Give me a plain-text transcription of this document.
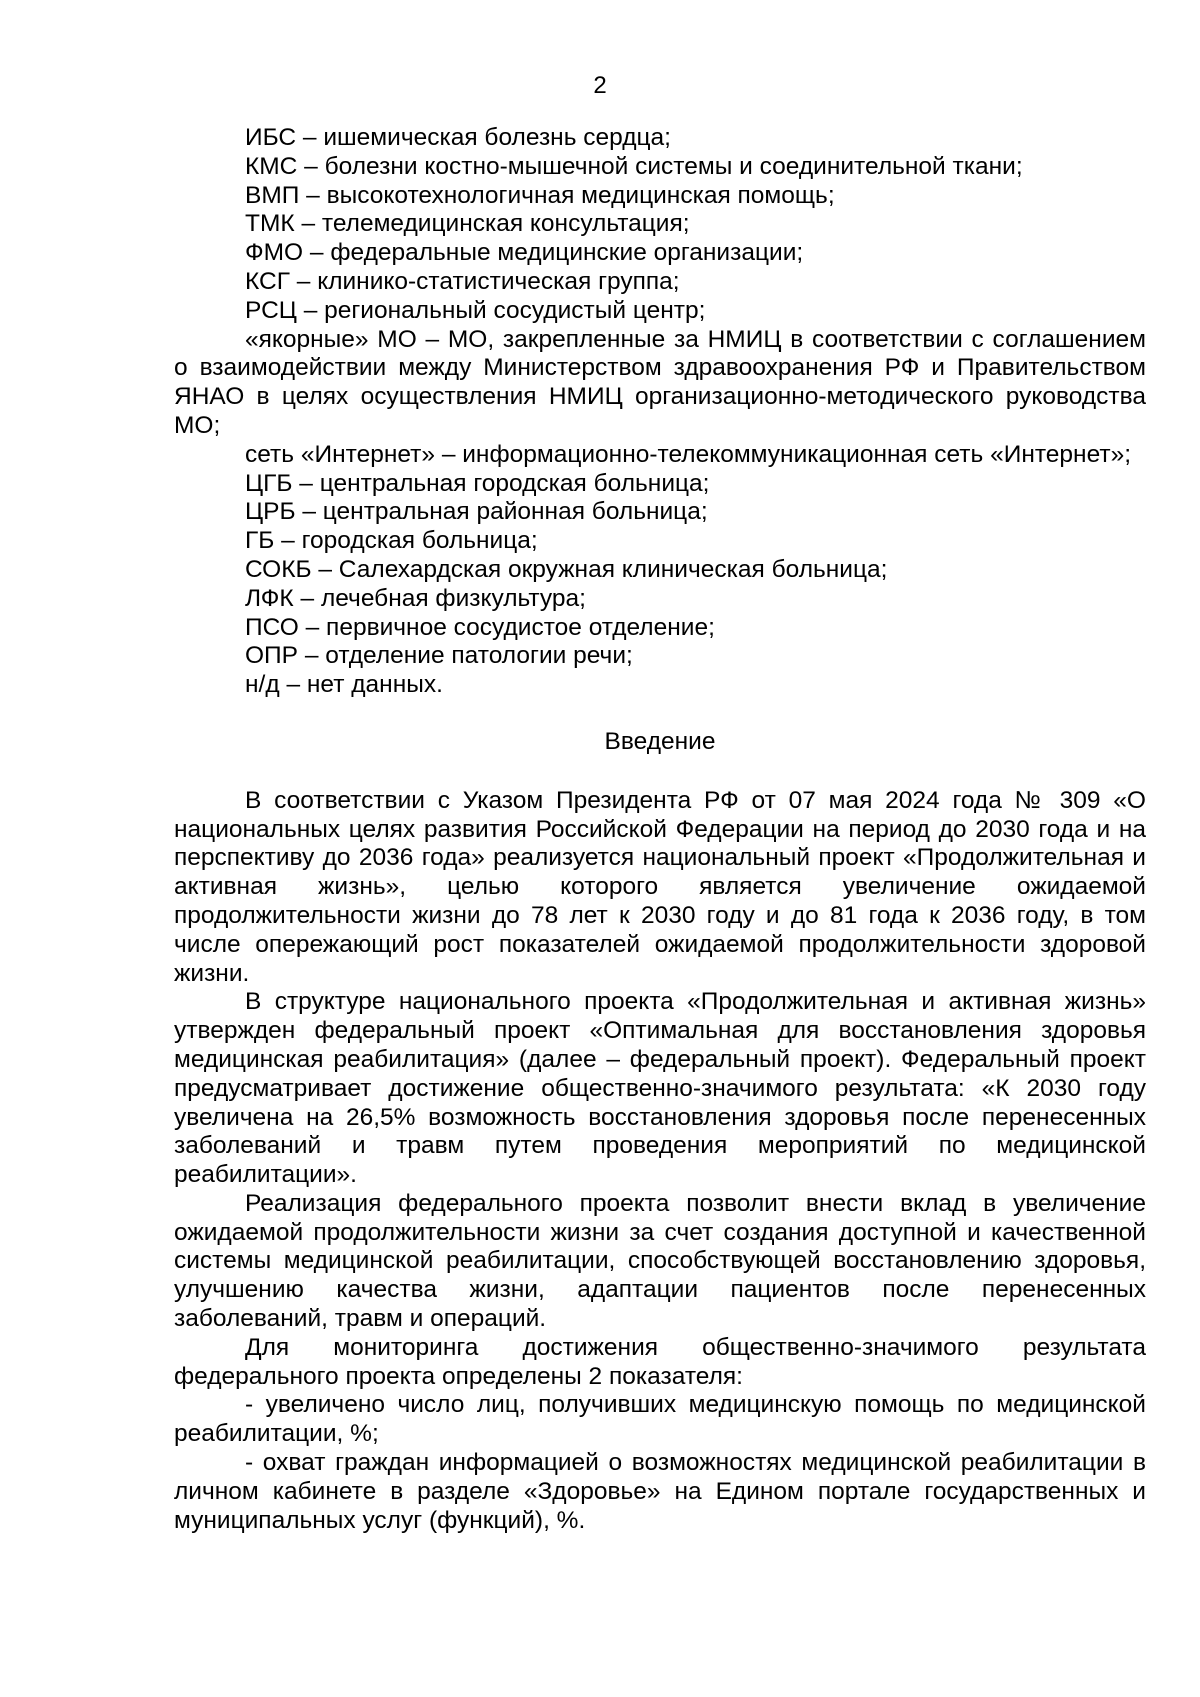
2
ИБС – ишемическая болезнь сердца;
КМС – болезни костно-мышечной системы и соединительной ткани;
ВМП – высокотехнологичная медицинская помощь;
ТМК – телемедицинская консультация;
ФМО – федеральные медицинские организации;
КСГ – клинико-статистическая группа;
РСЦ – региональный сосудистый центр;
«якорные» МО – МО, закрепленные за НМИЦ в соответствии с соглашением о взаимодействии между Министерством здравоохранения РФ и Правительством ЯНАО в целях осуществления НМИЦ организационно-методического руководства МО;
сеть «Интернет» – информационно-телекоммуникационная сеть «Интернет»;
ЦГБ – центральная городская больница;
ЦРБ – центральная районная больница;
ГБ – городская больница;
СОКБ – Салехардская окружная клиническая больница;
ЛФК – лечебная физкультура;
ПСО – первичное сосудистое отделение;
ОПР – отделение патологии речи;
н/д – нет данных.
Введение

В соответствии с Указом Президента РФ от 07 мая 2024 года № 309 «О национальных целях развития Российской Федерации на период до 2030 года и на перспективу до 2036 года» реализуется национальный проект «Продолжительная и активная жизнь», целью которого является увеличение ожидаемой продолжительности жизни до 78 лет к 2030 году и до 81 года к 2036 году, в том числе опережающий рост показателей ожидаемой продолжительности здоровой жизни.

В структуре национального проекта «Продолжительная и активная жизнь» утвержден федеральный проект «Оптимальная для восстановления здоровья медицинская реабилитация» (далее – федеральный проект). Федеральный проект предусматривает достижение общественно-значимого результата: «К 2030 году увеличена на 26,5% возможность восстановления здоровья после перенесенных заболеваний и травм путем проведения мероприятий по медицинской реабилитации».

Реализация федерального проекта позволит внести вклад в увеличение ожидаемой продолжительности жизни за счет создания доступной и качественной системы медицинской реабилитации, способствующей восстановлению здоровья, улучшению качества жизни, адаптации пациентов после перенесенных заболеваний, травм и операций.

Для мониторинга достижения общественно-значимого результата федерального проекта определены 2 показателя:

- увеличено число лиц, получивших медицинскую помощь по медицинской реабилитации, %;
- охват граждан информацией о возможностях медицинской реабилитации в личном кабинете в разделе «Здоровье» на Едином портале государственных и муниципальных услуг (функций), %.
